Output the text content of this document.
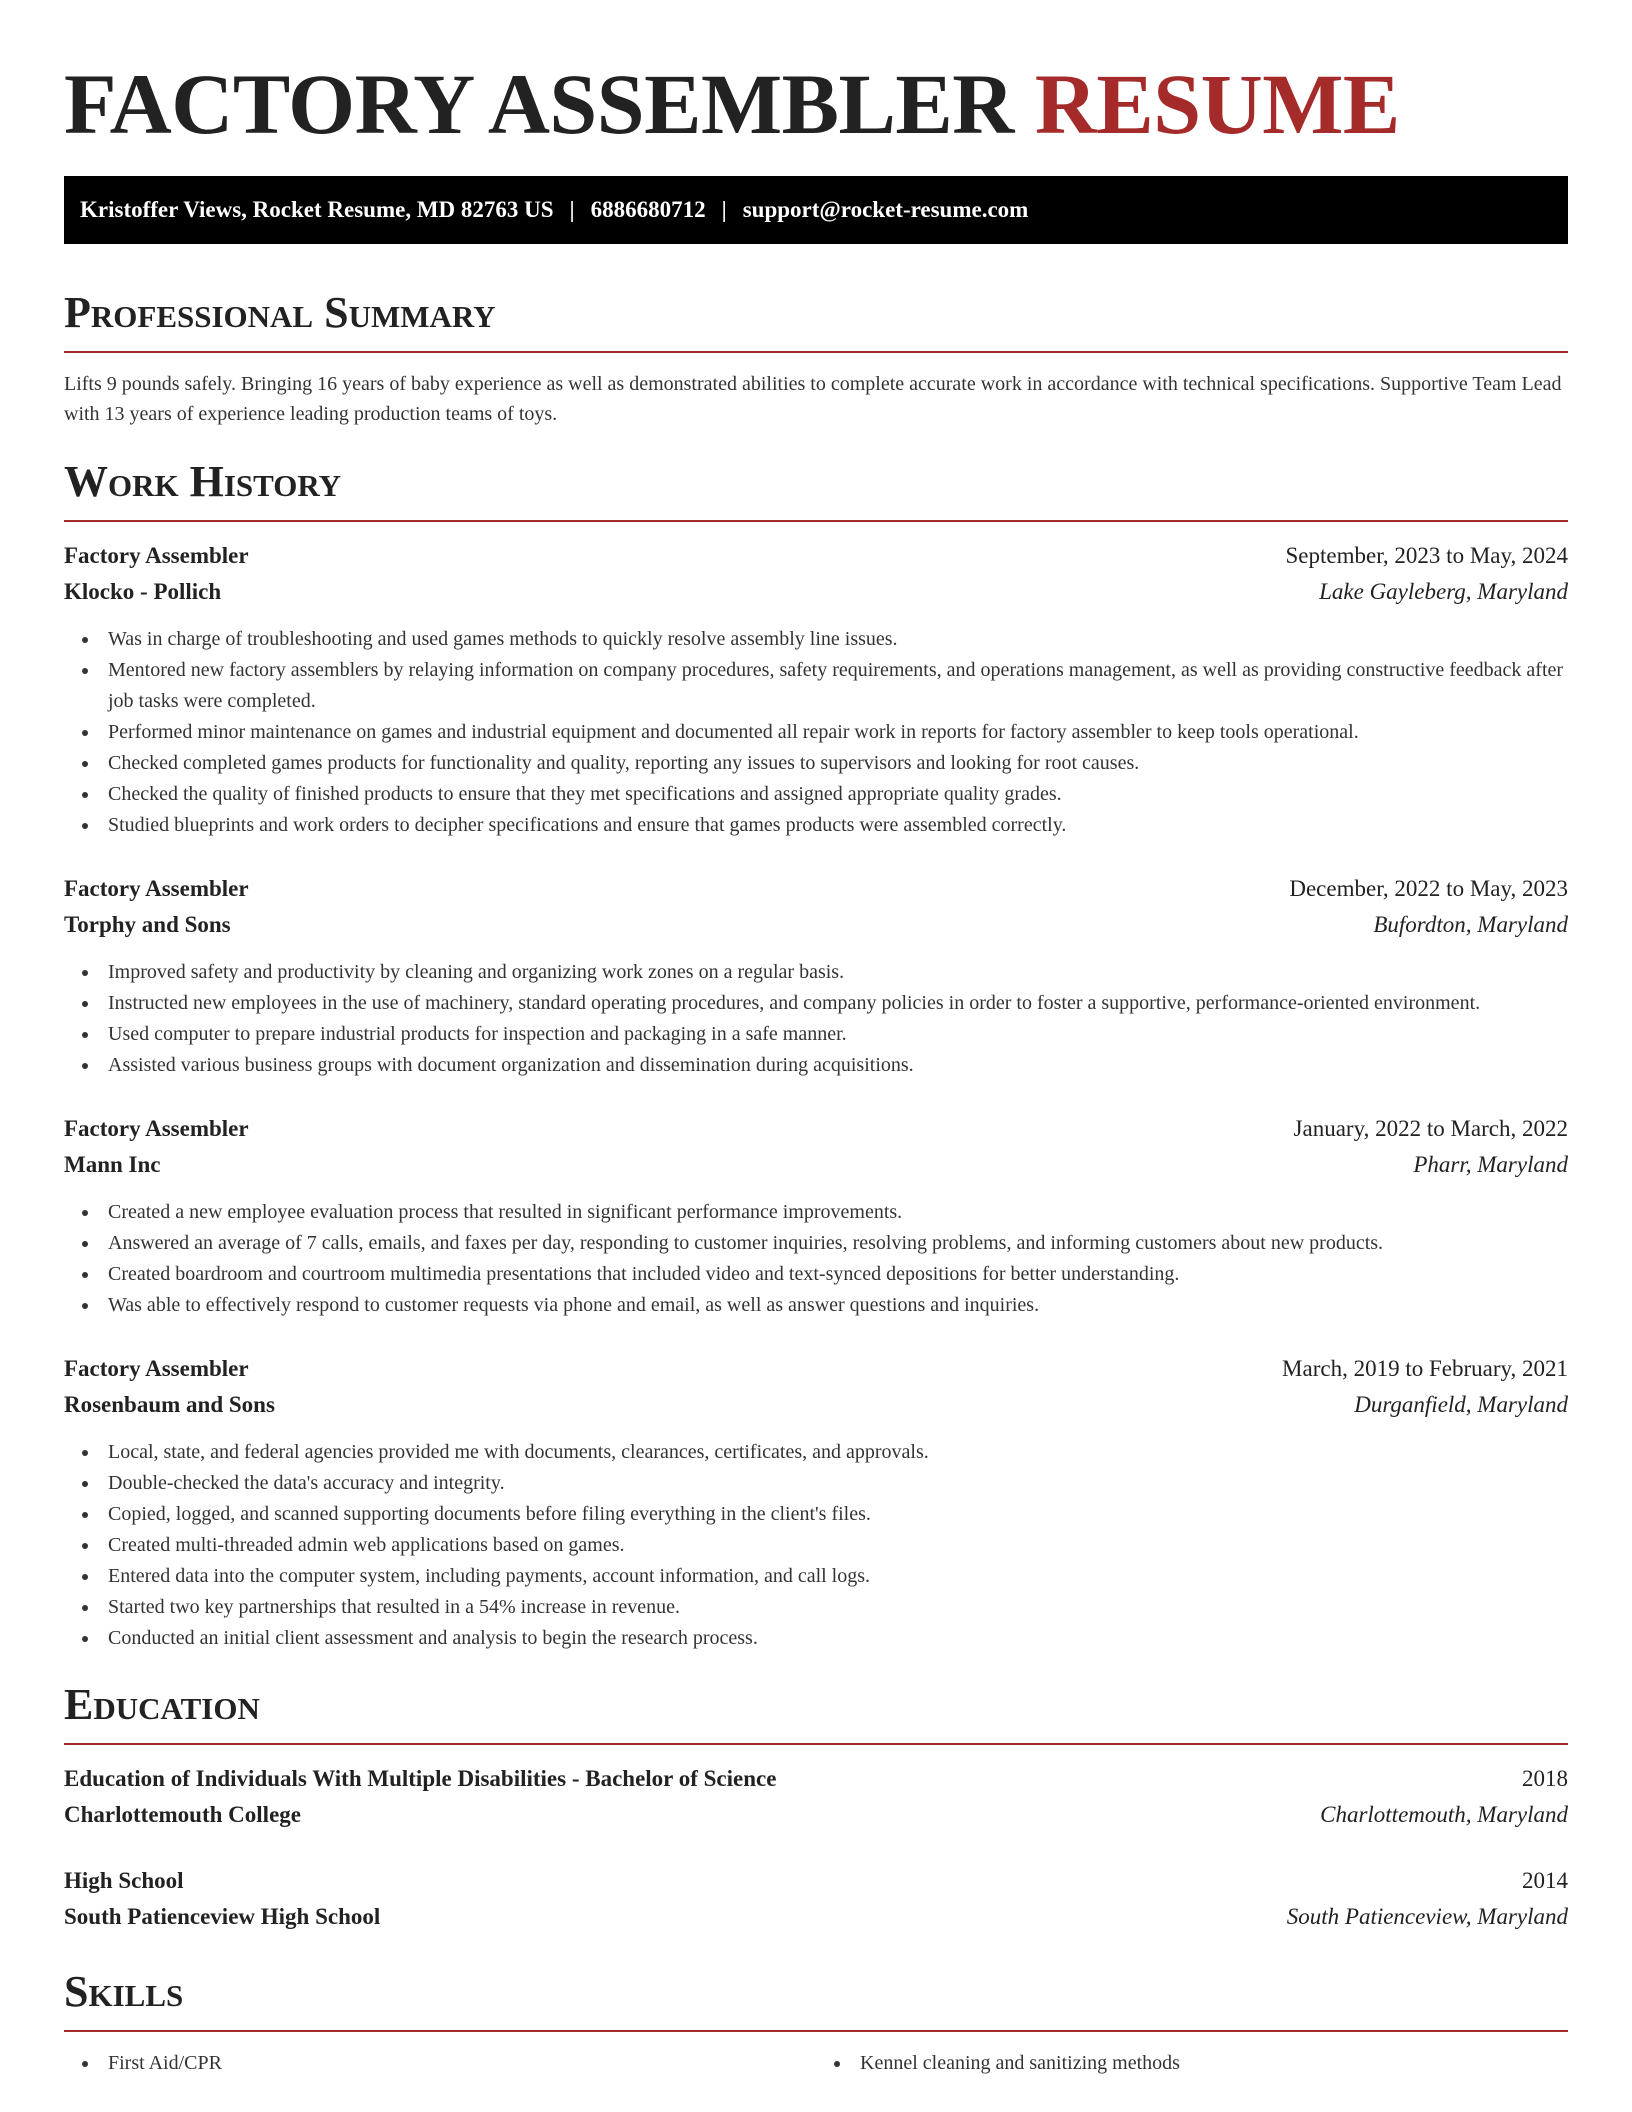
FACTORY ASSEMBLER RESUME
Kristoffer Views, Rocket Resume, MD 82763 US | 6886680712 | support@rocket-resume.com
Professional Summary

Lifts 9 pounds safely. Bringing 16 years of baby experience as well as demonstrated abilities to complete accurate work in accordance with technical specifications. Supportive Team Lead with 13 years of experience leading production teams of toys.

Work History
Factory Assembler	September, 2023 to May, 2024
Klocko - Pollich	Lake Gayleberg, Maryland
Was in charge of troubleshooting and used games methods to quickly resolve assembly line issues.
Mentored new factory assemblers by relaying information on company procedures, safety requirements, and operations management, as well as providing constructive feedback after job tasks were completed.
Performed minor maintenance on games and industrial equipment and documented all repair work in reports for factory assembler to keep tools operational.
Checked completed games products for functionality and quality, reporting any issues to supervisors and looking for root causes.
Checked the quality of finished products to ensure that they met specifications and assigned appropriate quality grades.
Studied blueprints and work orders to decipher specifications and ensure that games products were assembled correctly.
Factory Assembler	December, 2022 to May, 2023
Torphy and Sons	Bufordton, Maryland
Improved safety and productivity by cleaning and organizing work zones on a regular basis.
Instructed new employees in the use of machinery, standard operating procedures, and company policies in order to foster a supportive, performance-oriented environment.
Used computer to prepare industrial products for inspection and packaging in a safe manner.
Assisted various business groups with document organization and dissemination during acquisitions.
Factory Assembler	January, 2022 to March, 2022
Mann Inc	Pharr, Maryland
Created a new employee evaluation process that resulted in significant performance improvements.
Answered an average of 7 calls, emails, and faxes per day, responding to customer inquiries, resolving problems, and informing customers about new products.
Created boardroom and courtroom multimedia presentations that included video and text-synced depositions for better understanding.
Was able to effectively respond to customer requests via phone and email, as well as answer questions and inquiries.
Factory Assembler	March, 2019 to February, 2021
Rosenbaum and Sons	Durganfield, Maryland
Local, state, and federal agencies provided me with documents, clearances, certificates, and approvals.
Double-checked the data's accuracy and integrity.
Copied, logged, and scanned supporting documents before filing everything in the client's files.
Created multi-threaded admin web applications based on games.
Entered data into the computer system, including payments, account information, and call logs.
Started two key partnerships that resulted in a 54% increase in revenue.
Conducted an initial client assessment and analysis to begin the research process.
Education
Education of Individuals With Multiple Disabilities - Bachelor of Science	2018
Charlottemouth College	Charlottemouth, Maryland
High School	2014
South Patienceview High School	South Patienceview, Maryland
Skills
First Aid/CPR	Kennel cleaning and sanitizing methods
